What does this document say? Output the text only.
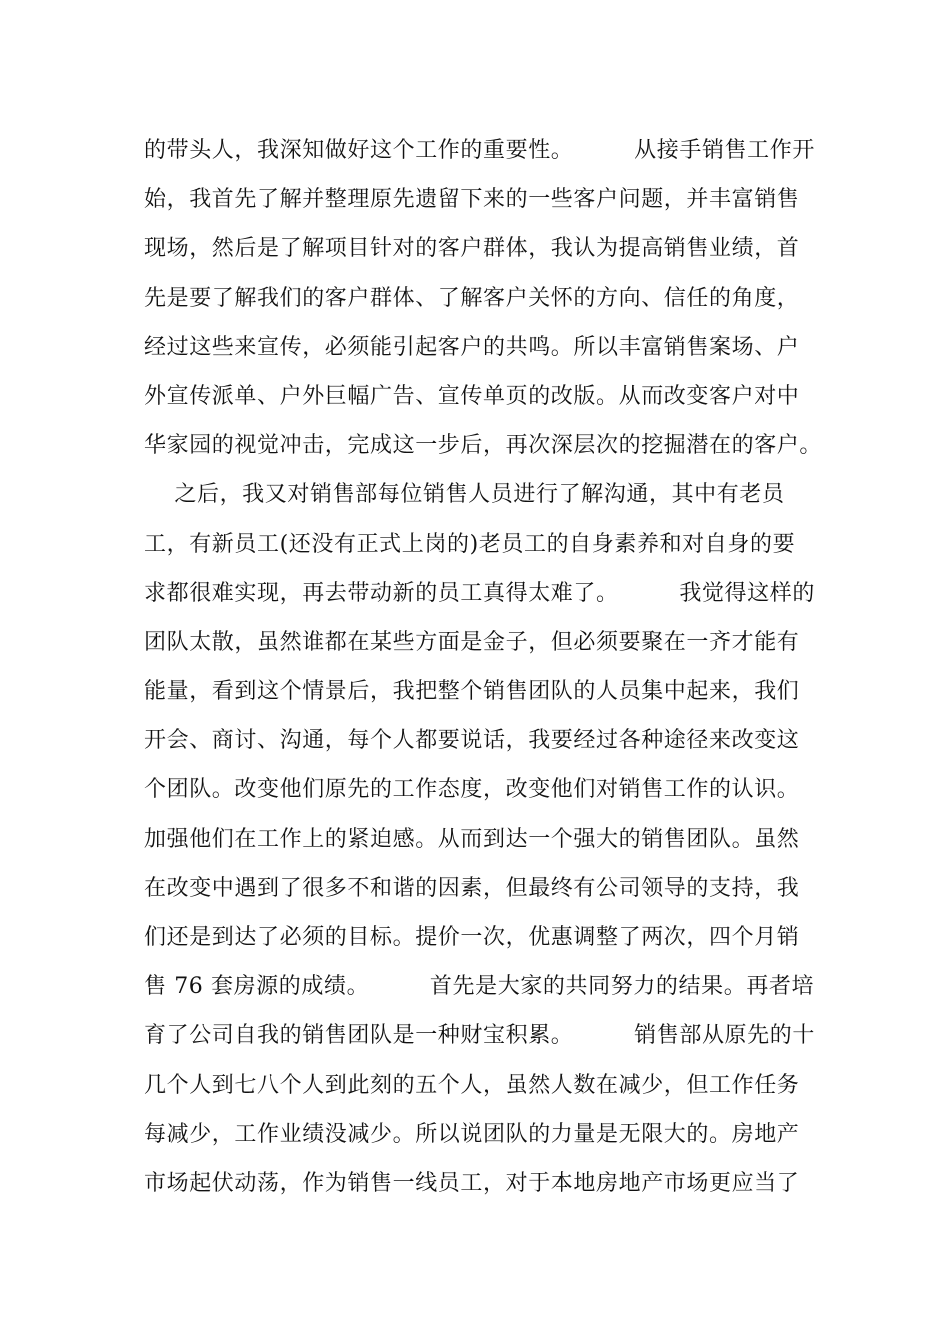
的带头人，我深知做好这个工作的重要性。        从接手销售工作开
始，我首先了解并整理原先遗留下来的一些客户问题，并丰富销售
现场，然后是了解项目针对的客户群体，我认为提高销售业绩，首
先是要了解我们的客户群体、了解客户关怀的方向、信任的角度，
经过这些来宣传，必须能引起客户的共鸣。所以丰富销售案场、户
外宣传派单、户外巨幅广告、宣传单页的改版。从而改变客户对中
华家园的视觉冲击，完成这一步后，再次深层次的挖掘潜在的客户。
之后，我又对销售部每位销售人员进行了解沟通，其中有老员
工，有新员工(还没有正式上岗的)老员工的自身素养和对自身的要
求都很难实现，再去带动新的员工真得太难了。        我觉得这样的
团队太散，虽然谁都在某些方面是金子，但必须要聚在一齐才能有
能量，看到这个情景后，我把整个销售团队的人员集中起来，我们
开会、商讨、沟通，每个人都要说话，我要经过各种途径来改变这
个团队。改变他们原先的工作态度，改变他们对销售工作的认识。
加强他们在工作上的紧迫感。从而到达一个强大的销售团队。虽然
在改变中遇到了很多不和谐的因素，但最终有公司领导的支持，我
们还是到达了必须的目标。提价一次，优惠调整了两次，四个月销
售 76 套房源的成绩。        首先是大家的共同努力的结果。再者培
育了公司自我的销售团队是一种财宝积累。        销售部从原先的十
几个人到七八个人到此刻的五个人，虽然人数在减少，但工作任务
每减少，工作业绩没减少。所以说团队的力量是无限大的。房地产
市场起伏动荡，作为销售一线员工，对于本地房地产市场更应当了
